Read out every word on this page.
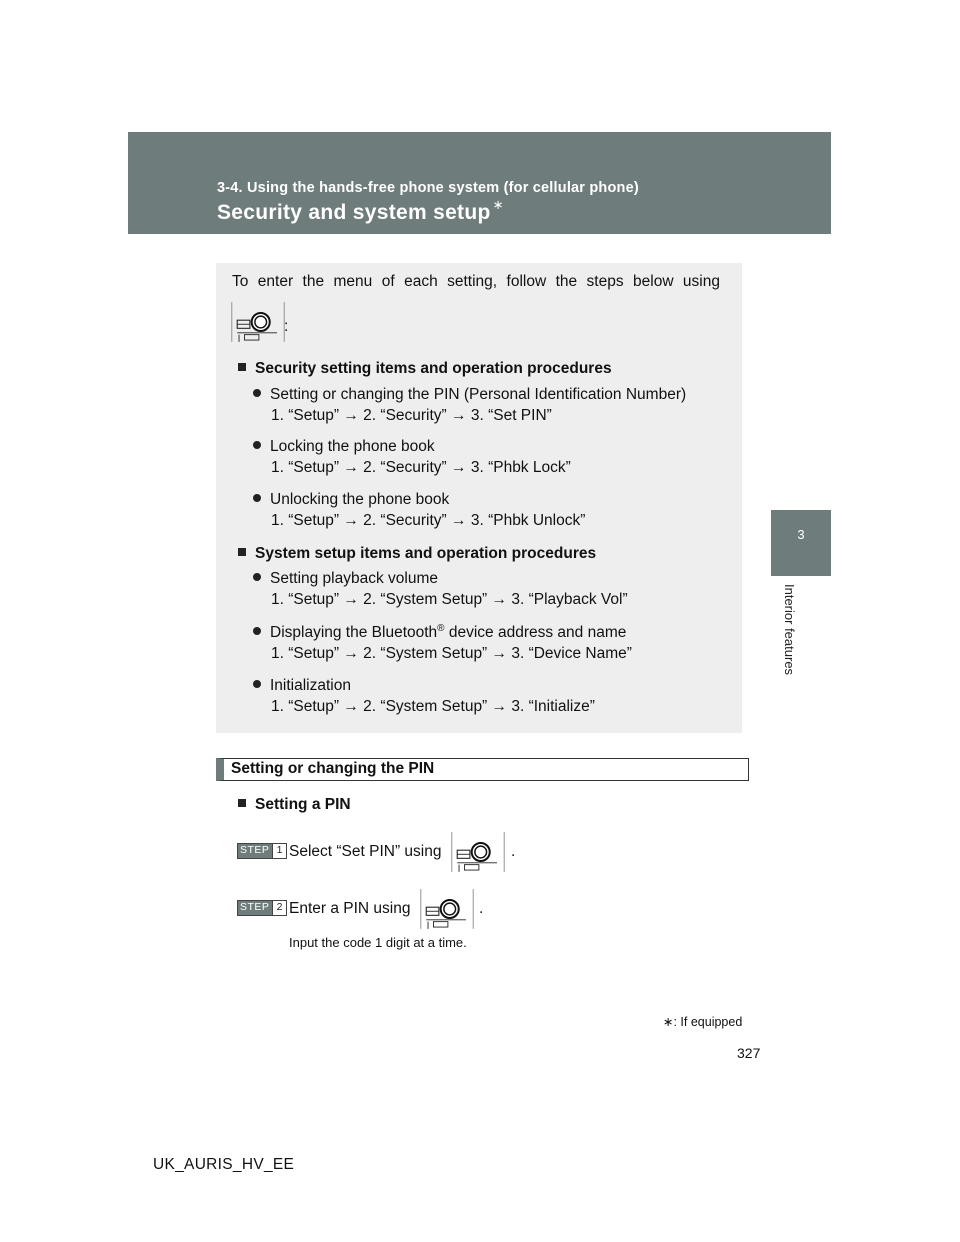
3-4. Using the hands-free phone system (for cellular phone)
Security and system setup ∗
3
Interior features
To enter the menu of each setting, follow the steps below using
:
Security setting items and operation procedures
Setting or changing the PIN (Personal Identification Number)
1. “Setup” → 2. “Security” → 3. “Set PIN”
Locking the phone book
1. “Setup” → 2. “Security” → 3. “Phbk Lock”
Unlocking the phone book
1. “Setup” → 2. “Security” → 3. “Phbk Unlock”
System setup items and operation procedures
Setting playback volume
1. “Setup” → 2. “System Setup” → 3. “Playback Vol”
Displaying the Bluetooth® device address and name
1. “Setup” → 2. “System Setup” → 3. “Device Name”
Initialization
1. “Setup” → 2. “System Setup” → 3. “Initialize”
Setting or changing the PIN
Setting a PIN
STEP 1 Select “Set PIN” using	.
STEP 2 Enter a PIN using	.
Input the code 1 digit at a time.
∗: If equipped
327
UK_AURIS_HV_EE
